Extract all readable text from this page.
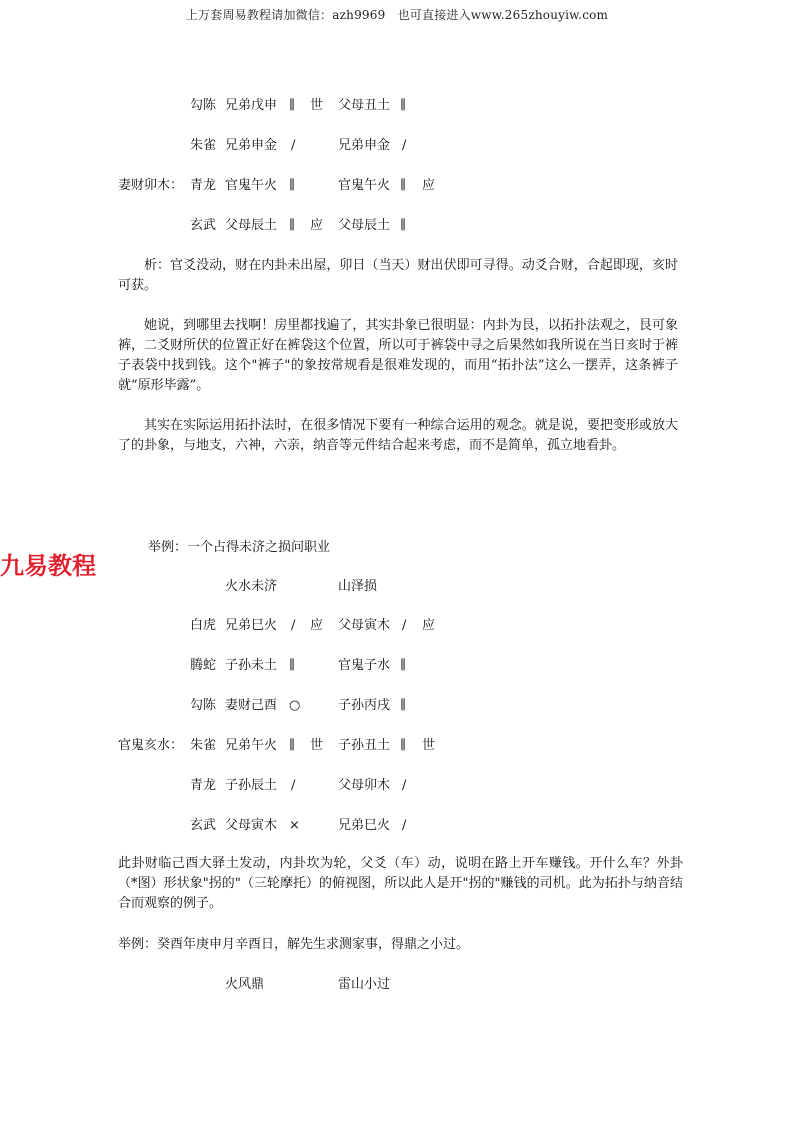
上万套周易教程请加微信：azh9969　也可直接进入www.265zhouyiw.com
勾陈 兄弟戊申 ∥ 世 父母丑土 ∥
朱雀 兄弟申金 /	兄弟申金 /
妻财卯木： 青龙 官鬼午火 ∥	官鬼午火 ∥ 应
玄武 父母辰土 ∥ 应 父母辰土 ∥
析：官爻没动，财在内卦未出屋，卯日（当天）财出伏即可寻得。动爻合财，合起即现，亥时可获。
她说，到哪里去找啊！房里都找遍了，其实卦象已很明显：内卦为艮，以拓扑法观之，艮可象裤，二爻财所伏的位置正好在裤袋这个位置，所以可于裤袋中寻之后果然如我所说在当日亥时于裤子表袋中找到钱。这个"裤子"的象按常规看是很难发现的，而用“拓扑法”这么一摆弄，这条裤子就“原形毕露”。
其实在实际运用拓扑法时，在很多情况下要有一种综合运用的观念。就是说，要把变形或放大了的卦象，与地支，六神，六亲，纳音等元件结合起来考虑，而不是简单，孤立地看卦。
九易教程
举例：一个占得未济之损问职业
火水未济	山泽损
白虎 兄弟巳火 / 应 父母寅木 / 应
腾蛇 子孙未土 ∥	官鬼子水 ∥
勾陈 妻财己酉 ○	子孙丙戌 ∥
官鬼亥水： 朱雀 兄弟午火 ∥ 世 子孙丑土 ∥ 世
青龙 子孙辰土 /	父母卯木 /
玄武 父母寅木 ×	兄弟巳火 /
此卦财临己酉大驿土发动，内卦坎为轮，父爻（车）动，说明在路上开车赚钱。开什么车？外卦（*图）形状象"拐的"（三轮摩托）的俯视图，所以此人是开"拐的"赚钱的司机。此为拓扑与纳音结合而观察的例子。
举例：癸酉年庚申月辛酉日，解先生求测家事，得鼎之小过。
火风鼎	雷山小过
